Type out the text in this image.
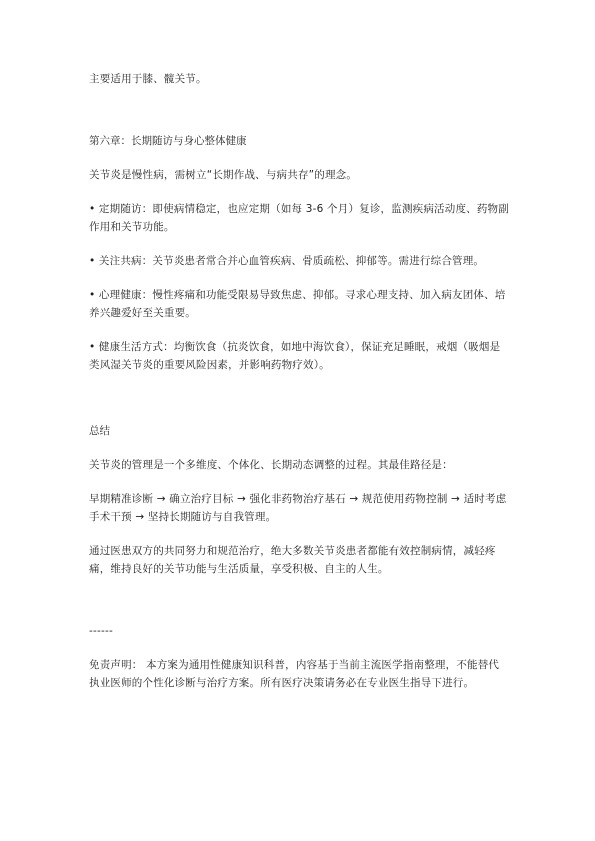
主要适用于膝、髋关节。

第六章：长期随访与身心整体健康

关节炎是慢性病，需树立“长期作战、与病共存”的理念。

• 定期随访：即使病情稳定，也应定期（如每 3-6 个月）复诊，监测疾病活动度、药物副作用和关节功能。

• 关注共病：关节炎患者常合并心血管疾病、骨质疏松、抑郁等。需进行综合管理。

• 心理健康：慢性疼痛和功能受限易导致焦虑、抑郁。寻求心理支持、加入病友团体、培养兴趣爱好至关重要。

• 健康生活方式：均衡饮食（抗炎饮食，如地中海饮食），保证充足睡眠，戒烟（吸烟是类风湿关节炎的重要风险因素，并影响药物疗效）。

总结

关节炎的管理是一个多维度、个体化、长期动态调整的过程。其最佳路径是：

早期精准诊断 → 确立治疗目标 → 强化非药物治疗基石 → 规范使用药物控制 → 适时考虑手术干预 → 坚持长期随访与自我管理。

通过医患双方的共同努力和规范治疗，绝大多数关节炎患者都能有效控制病情，减轻疼痛，维持良好的关节功能与生活质量，享受积极、自主的人生。

------

免责声明： 本方案为通用性健康知识科普，内容基于当前主流医学指南整理，不能替代执业医师的个性化诊断与治疗方案。所有医疗决策请务必在专业医生指导下进行。
